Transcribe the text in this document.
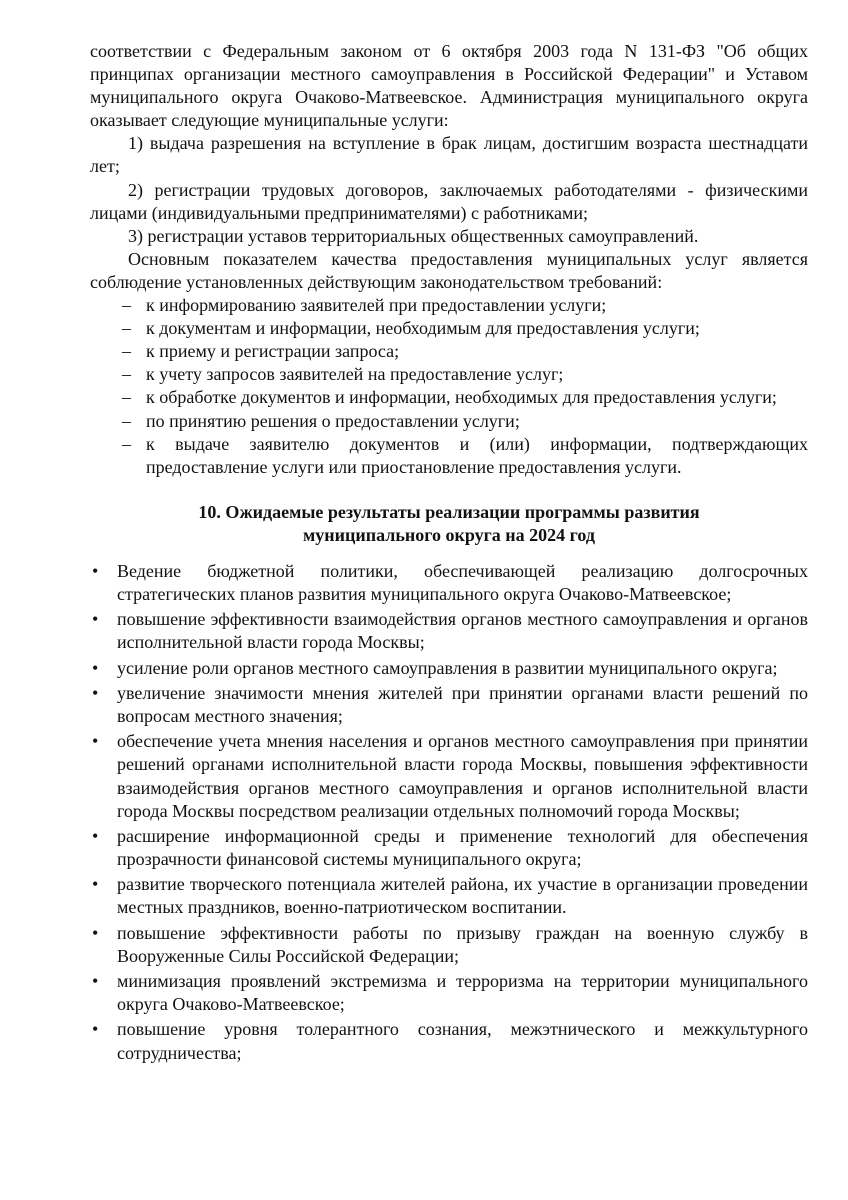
соответствии с Федеральным законом от 6 октября 2003 года N 131-ФЗ "Об общих принципах организации местного самоуправления в Российской Федерации" и Уставом муниципального округа Очаково-Матвеевское. Администрация муниципального округа оказывает следующие муниципальные услуги:

1) выдача разрешения на вступление в брак лицам, достигшим возраста шестнадцати лет;

2) регистрации трудовых договоров, заключаемых работодателями - физическими лицами (индивидуальными предпринимателями) с работниками;

3) регистрации уставов территориальных общественных самоуправлений.

Основным показателем качества предоставления муниципальных услуг является соблюдение установленных действующим законодательством требований:

– к информированию заявителей при предоставлении услуги;
– к документам и информации, необходимым для предоставления услуги;
– к приему и регистрации запроса;
– к учету запросов заявителей на предоставление услуг;
– к обработке документов и информации, необходимых для предоставления услуги;
– по принятию решения о предоставлении услуги;
– к выдаче заявителю документов и (или) информации, подтверждающих предоставление услуги или приостановление предоставления услуги.
10. Ожидаемые результаты реализации программы развития
муниципального округа на 2024 год
• Ведение бюджетной политики, обеспечивающей реализацию долгосрочных стратегических планов развития муниципального округа Очаково-Матвеевское;
• повышение эффективности взаимодействия органов местного самоуправления и органов исполнительной власти города Москвы;
• усиление роли органов местного самоуправления в развитии муниципального округа;
• увеличение значимости мнения жителей при принятии органами власти решений по вопросам местного значения;
• обеспечение учета мнения населения и органов местного самоуправления при принятии решений органами исполнительной власти города Москвы, повышения эффективности взаимодействия органов местного самоуправления и органов исполнительной власти города Москвы посредством реализации отдельных полномочий города Москвы;
• расширение информационной среды и применение технологий для обеспечения прозрачности финансовой системы муниципального округа;
• развитие творческого потенциала жителей района, их участие в организации проведении местных праздников, военно-патриотическом воспитании.
• повышение эффективности работы по призыву граждан на военную службу в Вооруженные Силы Российской Федерации;
• минимизация проявлений экстремизма и терроризма на территории муниципального округа Очаково-Матвеевское;
• повышение уровня толерантного сознания, межэтнического и межкультурного сотрудничества;
